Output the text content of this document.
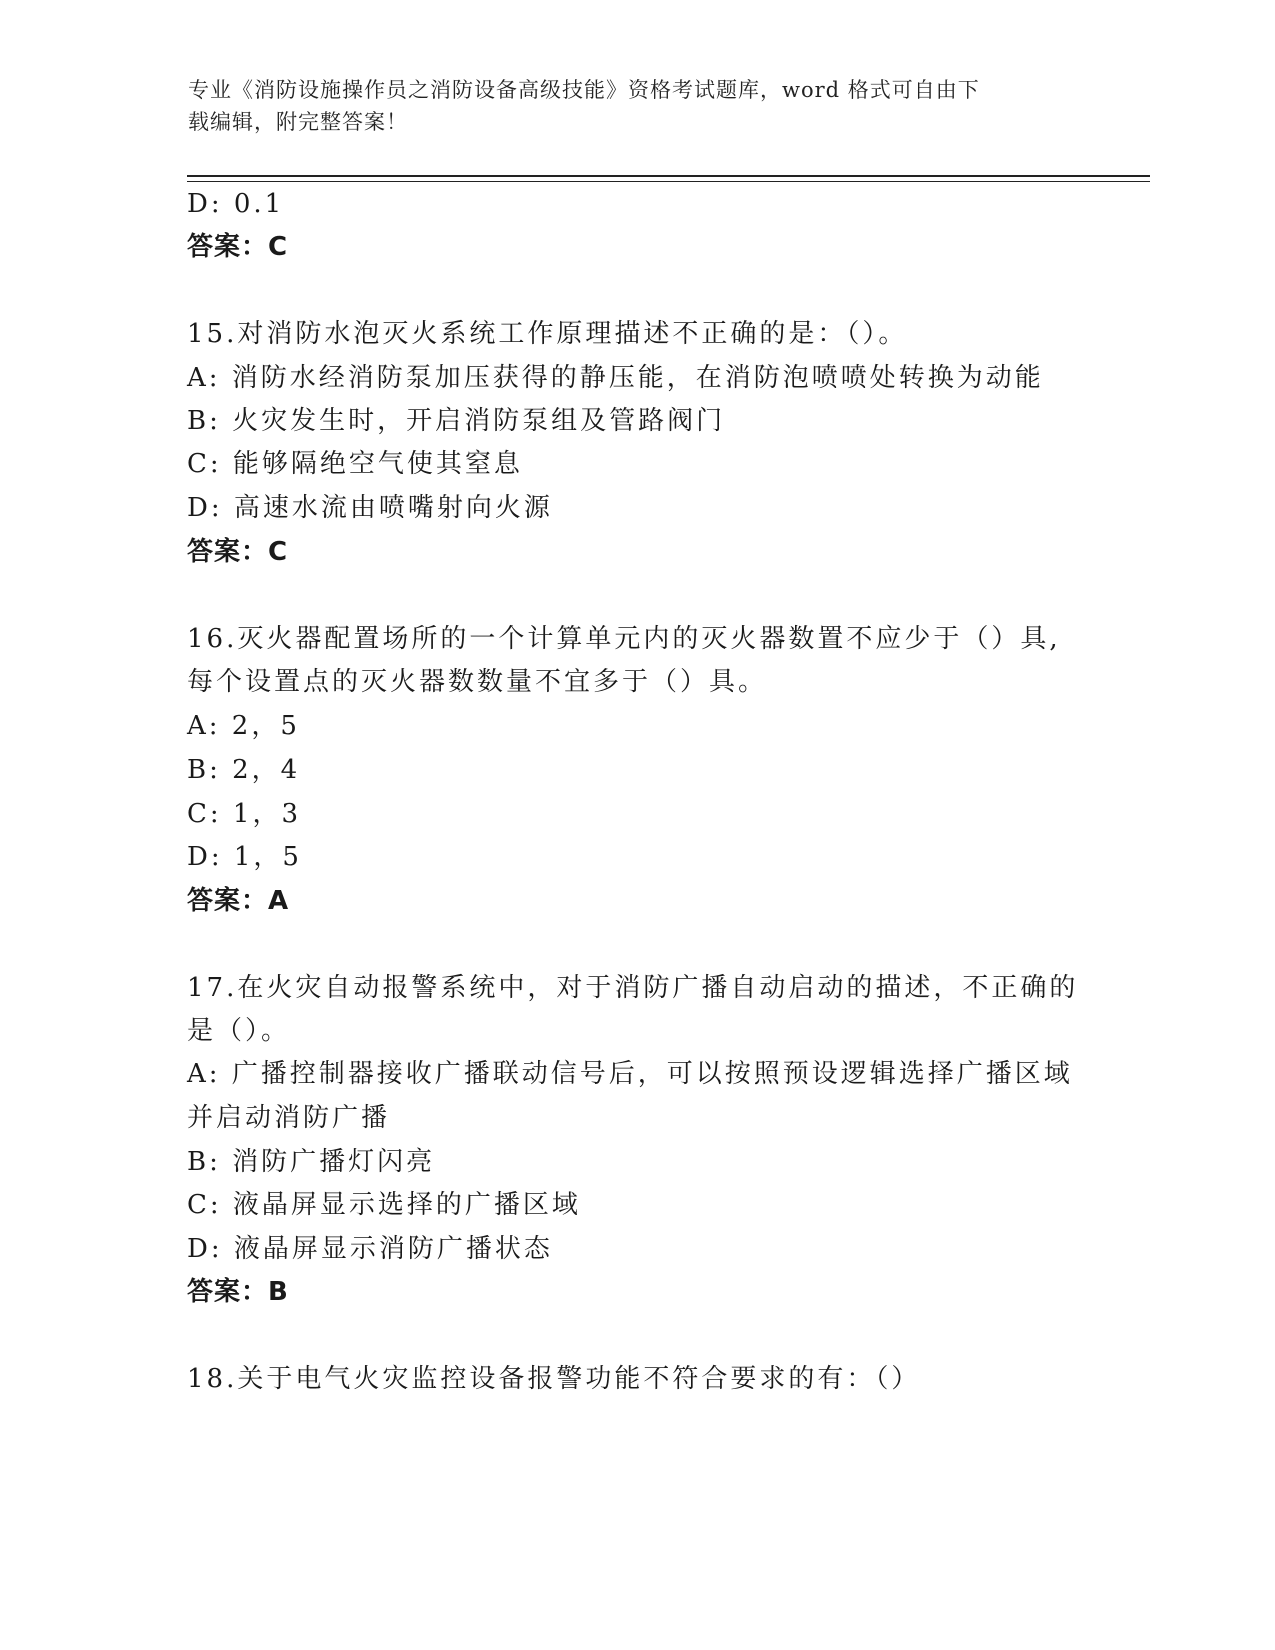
专业《消防设施操作员之消防设备高级技能》资格考试题库，word 格式可自由下
载编辑，附完整答案！
D: 0.1
答案：C
15.对消防水泡灭火系统工作原理描述不正确的是：（）。
A: 消防水经消防泵加压获得的静压能，在消防泡喷喷处转换为动能
B: 火灾发生时，开启消防泵组及管路阀门
C: 能够隔绝空气使其窒息
D: 高速水流由喷嘴射向火源
答案：C
16.灭火器配置场所的一个计算单元内的灭火器数置不应少于（）具,
每个设置点的灭火器数数量不宜多于（）具。
A: 2，5
B: 2，4
C: 1，3
D: 1，5
答案：A
17.在火灾自动报警系统中，对于消防广播自动启动的描述，不正确的
是（）。
A: 广播控制器接收广播联动信号后，可以按照预设逻辑选择广播区域
并启动消防广播
B: 消防广播灯闪亮
C: 液晶屏显示选择的广播区域
D: 液晶屏显示消防广播状态
答案：B
18.关于电气火灾监控设备报警功能不符合要求的有：（）
